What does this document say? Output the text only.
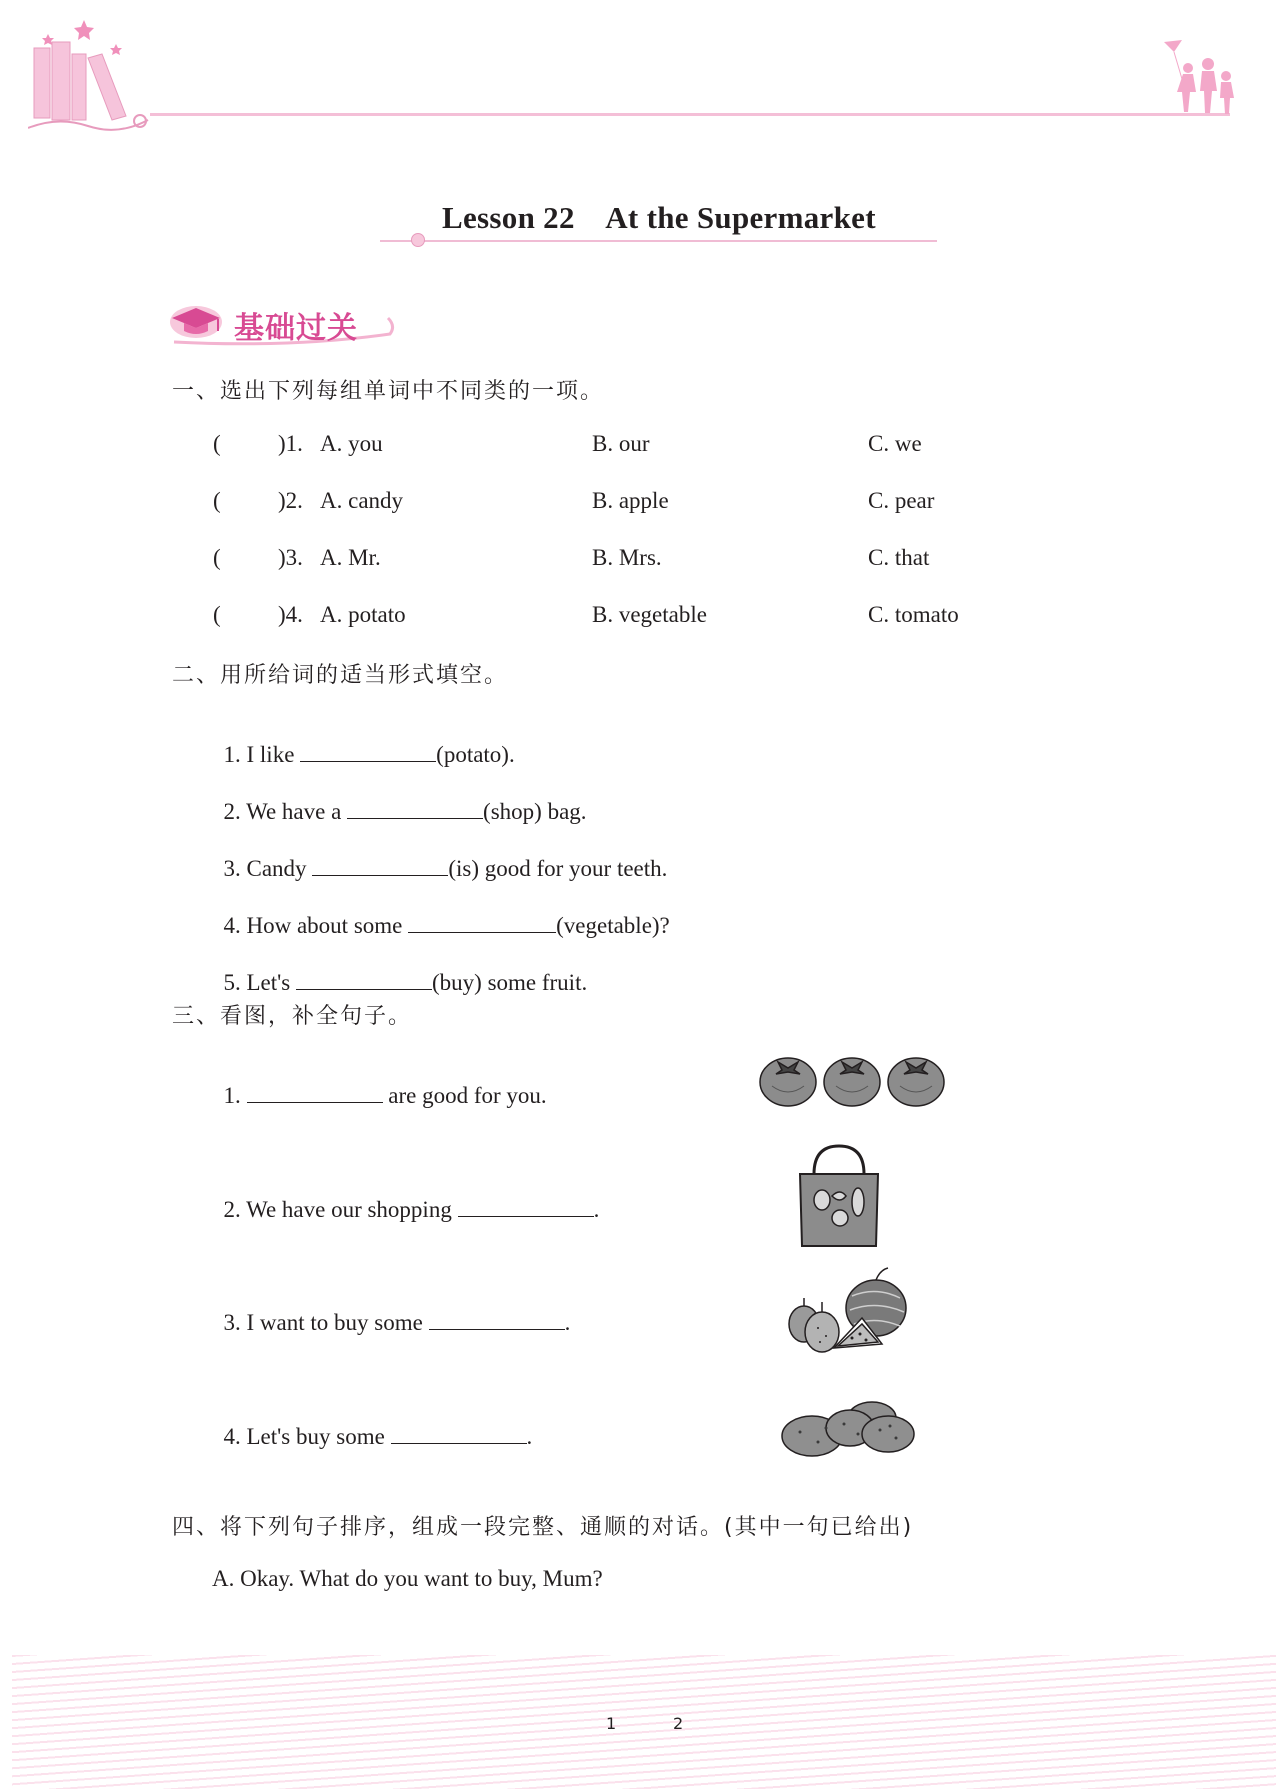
Lesson 22    At the Supermarket
基础过关
一、选出下列每组单词中不同类的一项。
( )1. A. you	B. our	C. we
( )2. A. candy	B. apple	C. pear
( )3. A. Mr.	B. Mrs.	C. that
( )4. A. potato	B. vegetable	C. tomato
二、用所给词的适当形式填空。

1. I like	(potato).

2. We have a	(shop) bag.

3. Candy	(is) good for your teeth.

4. How about some	(vegetable)?

5. Let's	(buy) some fruit.

三、看图，补全句子。

1.	are good for you.

2. We have our shopping	.

3. I want to buy some	.

4. Let's buy some	.

四、将下列句子排序，组成一段完整、通顺的对话。(其中一句已给出)
A. Okay. What do you want to buy, Mum?
1	2
